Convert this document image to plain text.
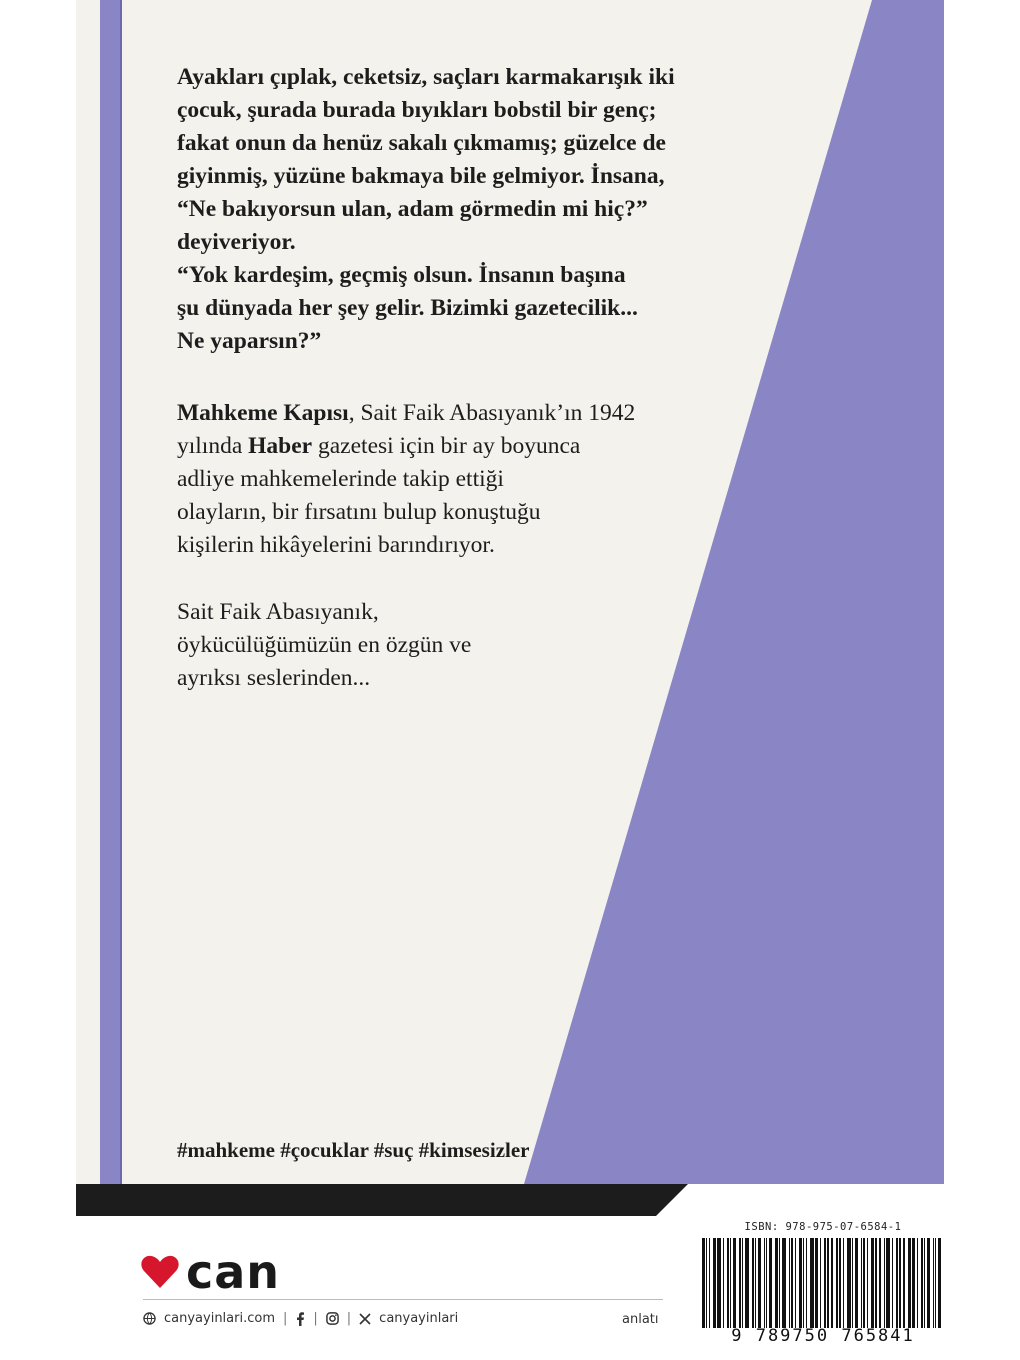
Ayakları çıplak, ceketsiz, saçları karmakarışık iki

çocuk, şurada burada bıyıkları bobstil bir genç;

fakat onun da henüz sakalı çıkmamış; güzelce de

giyinmiş, yüzüne bakmaya bile gelmiyor. İnsana,

“Ne bakıyorsun ulan, adam görmedin mi hiç?”

deyiveriyor.

“Yok kardeşim, geçmiş olsun. İnsanın başına

şu dünyada her şey gelir. Bizimki gazetecilik...

Ne yaparsın?”

Mahkeme Kapısı, Sait Faik Abasıyanık’ın 1942
yılında Haber gazetesi için bir ay boyunca
adliye mahkemelerinde takip ettiği
olayların, bir fırsatını bulup konuştuğu
kişilerin hikâyelerini barındırıyor.
Sait Faik Abasıyanık,
öykücülüğümüzün en özgün ve
ayrıksı seslerinden...
#mahkeme #çocuklar #suç #kimsesizler
can
canyayinlari.com | | | canyayinlari	anlatı
ISBN: 978-975-07-6584-1
9 789750 765841
